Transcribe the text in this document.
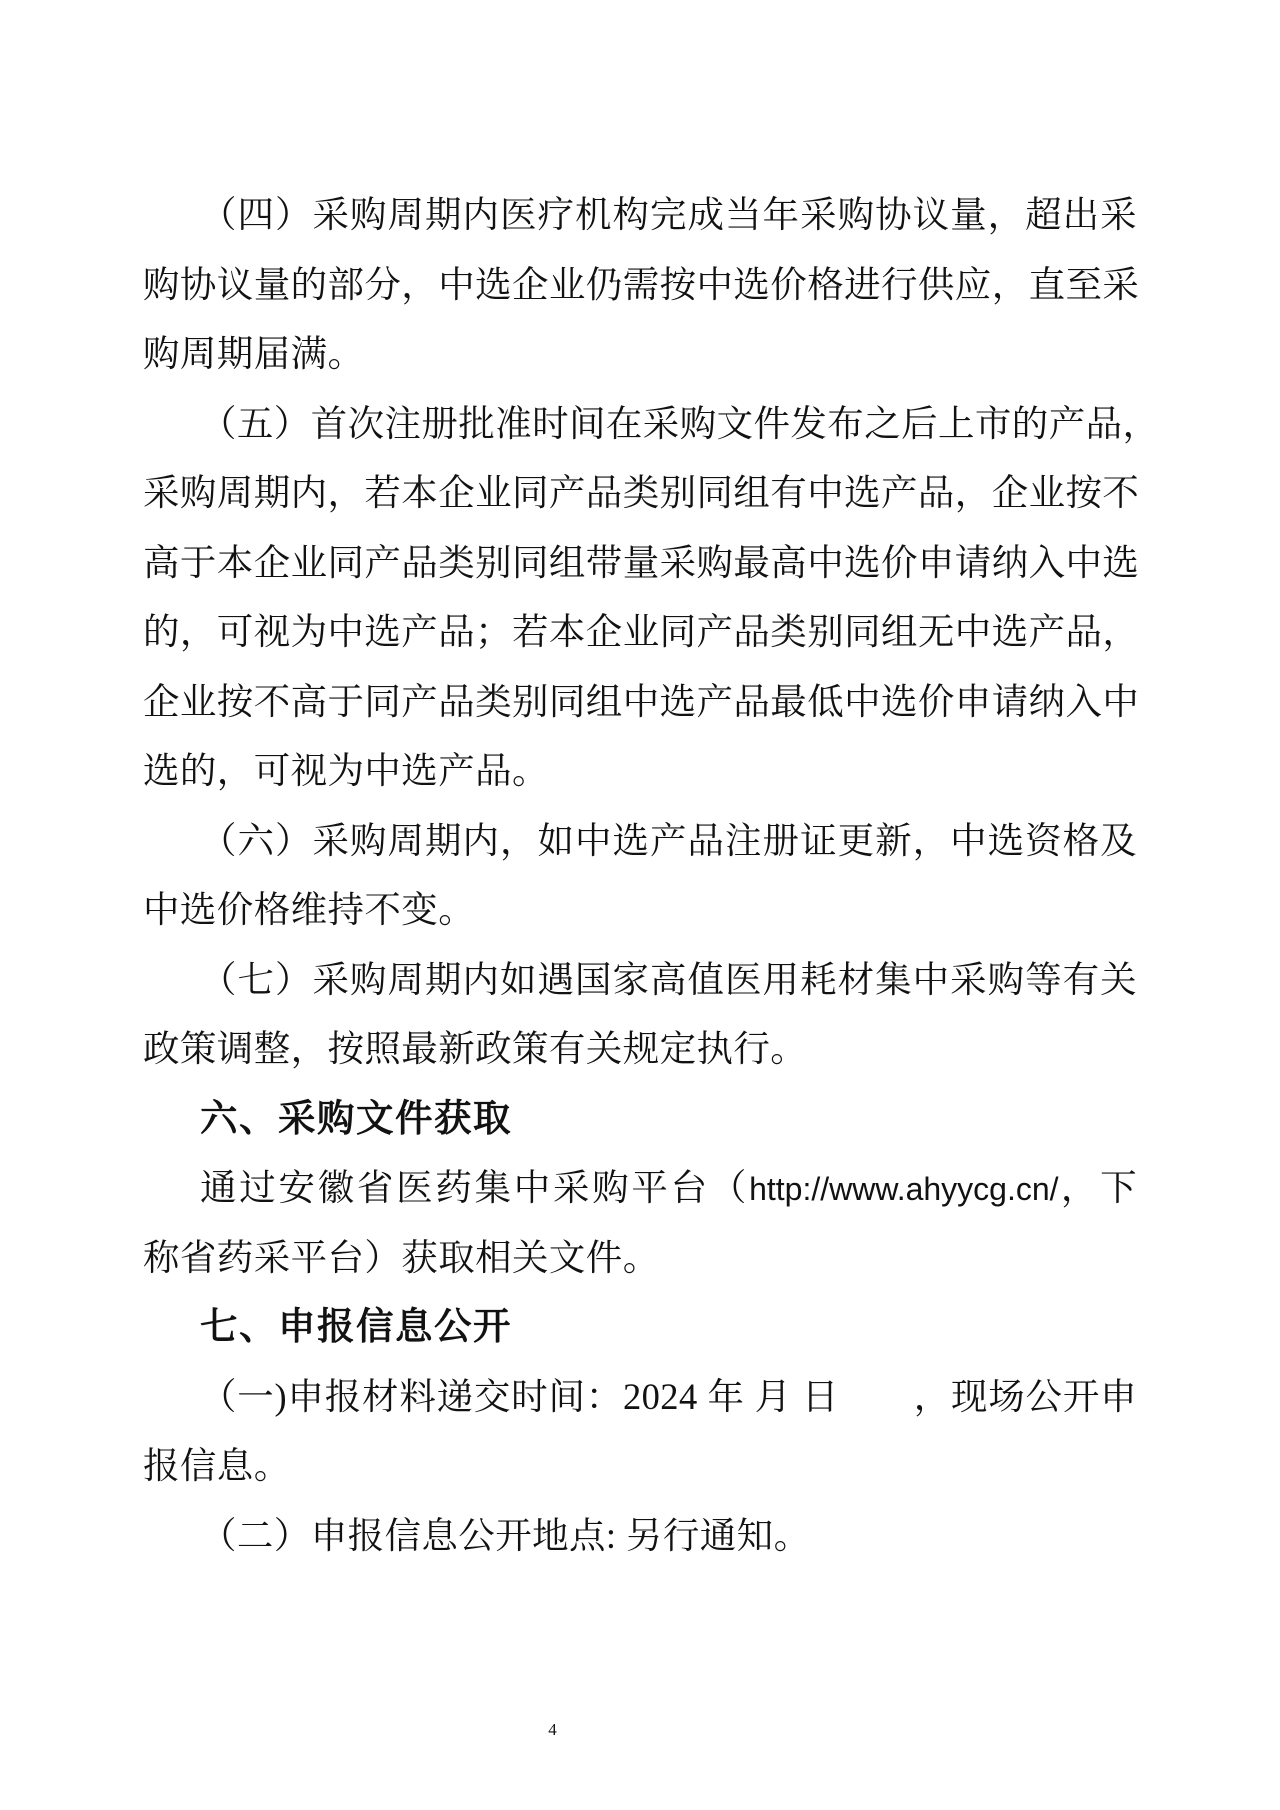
（四）采购周期内医疗机构完成当年采购协议量，超出采
购协议量的部分，中选企业仍需按中选价格进行供应，直至采
购周期届满。
（五）首次注册批准时间在采购文件发布之后上市的产品，
采购周期内，若本企业同产品类别同组有中选产品，企业按不
高于本企业同产品类别同组带量采购最高中选价申请纳入中选
的，可视为中选产品；若本企业同产品类别同组无中选产品，
企业按不高于同产品类别同组中选产品最低中选价申请纳入中
选的，可视为中选产品。
（六）采购周期内，如中选产品注册证更新，中选资格及
中选价格维持不变。
（七）采购周期内如遇国家高值医用耗材集中采购等有关
政策调整，按照最新政策有关规定执行。
六、采购文件获取
通过安徽省医药集中采购平台（http://www.ahyycg.cn/，下
称省药采平台）获取相关文件。
七、申报信息公开
（一)申报材料递交时间：2024 年 月 日　　，现场公开申
报信息。
（二）申报信息公开地点: 另行通知。
4
